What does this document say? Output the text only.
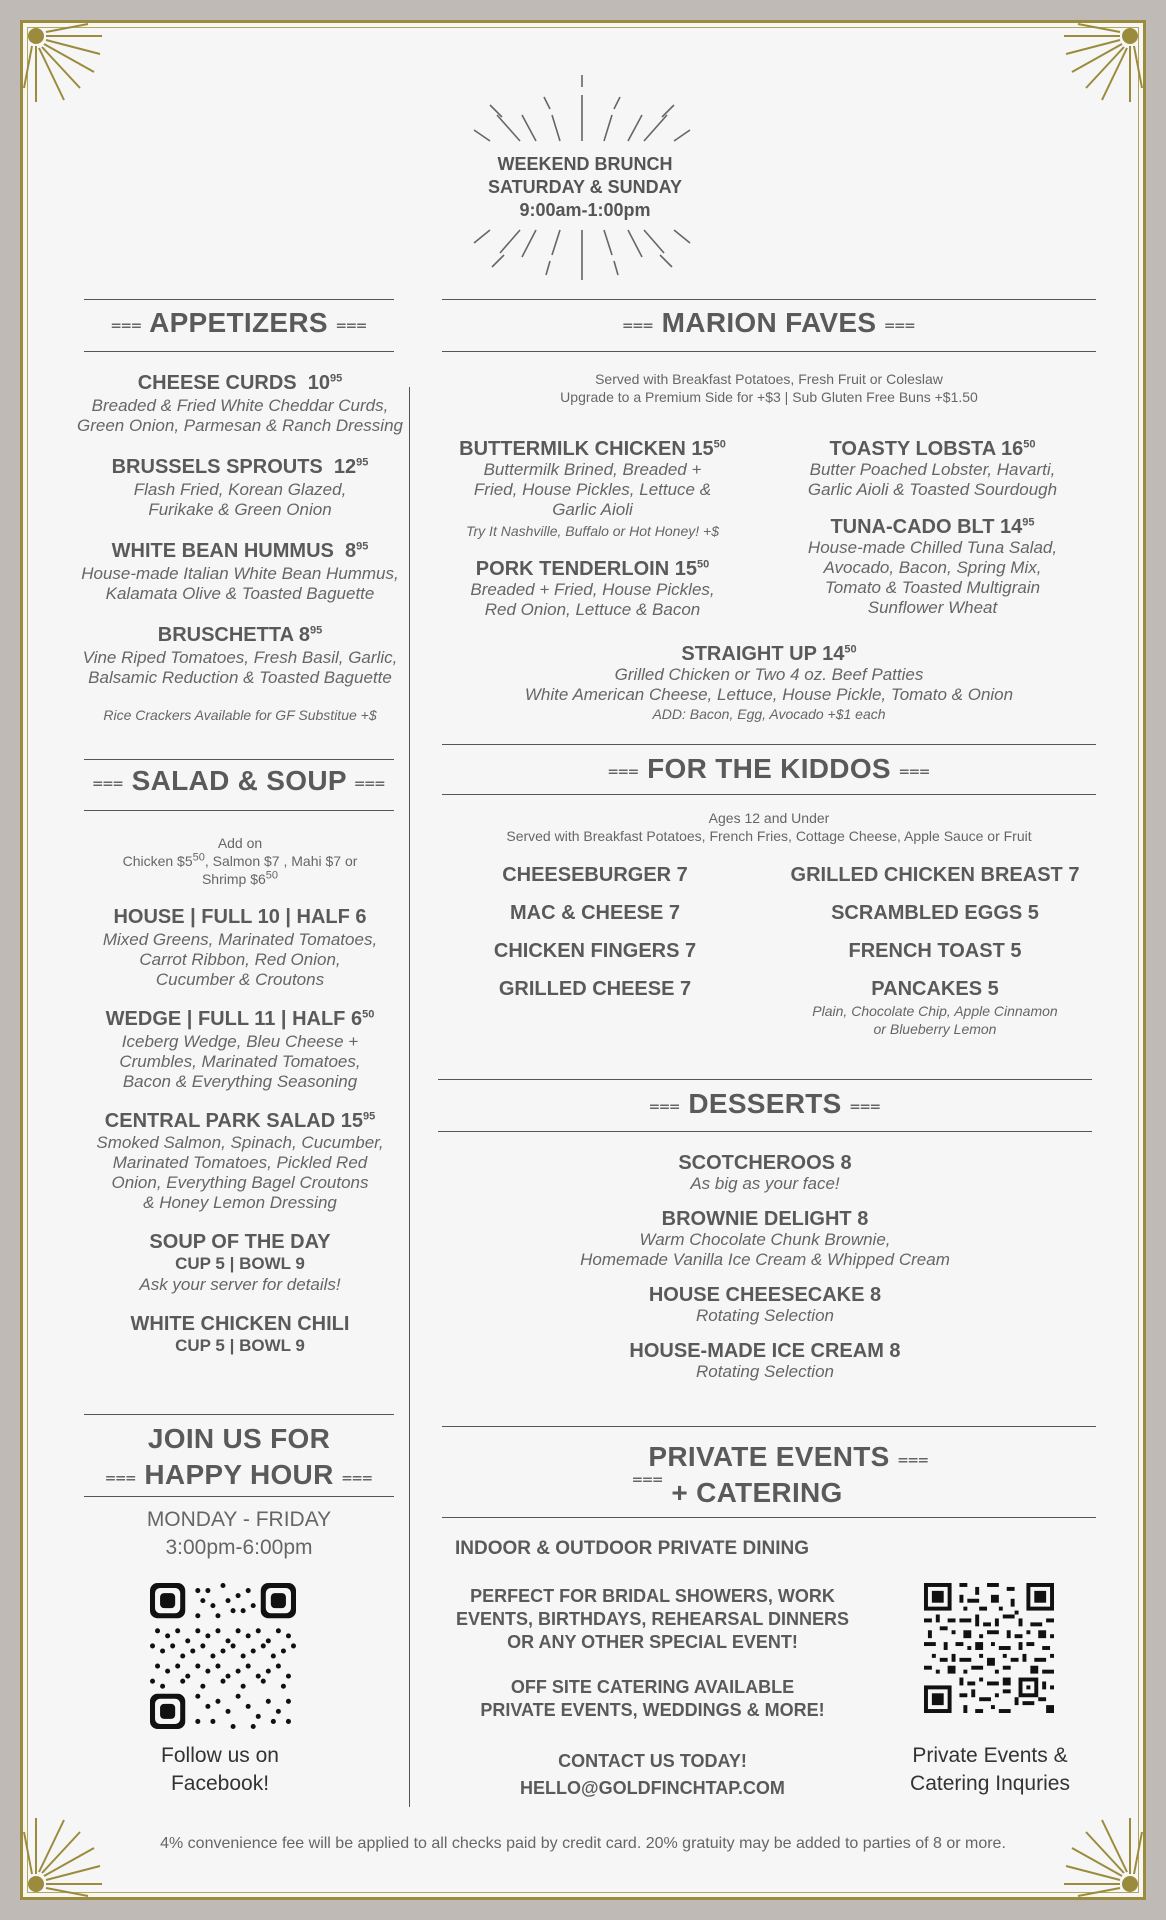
WEEKEND BRUNCH
SATURDAY & SUNDAY
9:00am-1:00pm
⩶ APPETIZERS ⩶
CHEESE CURDS $10^{95}$
Breaded & Fried White Cheddar Curds,
Green Onion, Parmesan & Ranch Dressing
BRUSSELS SPROUTS $12^{95}$
Flash Fried, Korean Glazed,
Furikake & Green Onion
WHITE BEAN HUMMUS $8^{95}$
House-made Italian White Bean Hummus,
Kalamata Olive & Toasted Baguette
BRUSCHETTA $8^{95}$
Vine Riped Tomatoes, Fresh Basil, Garlic,
Balsamic Reduction & Toasted Baguette
Rice Crackers Available for GF Substitue +$
⩶ SALAD & SOUP ⩶
Add on
Chicken $\$5^{50}$, Salmon $7 , Mahi $7 or
Shrimp $\$6^{50}$
HOUSE | FULL 10 | HALF 6
Mixed Greens, Marinated Tomatoes,
Carrot Ribbon, Red Onion,
Cucumber & Croutons
WEDGE | FULL 11 | HALF $6^{50}$
Iceberg Wedge, Bleu Cheese +
Crumbles, Marinated Tomatoes,
Bacon & Everything Seasoning
CENTRAL PARK SALAD $15^{95}$
Smoked Salmon, Spinach, Cucumber,
Marinated Tomatoes, Pickled Red
Onion, Everything Bagel Croutons
& Honey Lemon Dressing
SOUP OF THE DAY
CUP 5 | BOWL 9
Ask your server for details!
WHITE CHICKEN CHILI
CUP 5 | BOWL 9
JOIN US FOR
⩶ HAPPY HOUR ⩶
MONDAY - FRIDAY
3:00pm-6:00pm
Follow us on
Facebook!
⩶ MARION FAVES ⩶
Served with Breakfast Potatoes, Fresh Fruit or Coleslaw
Upgrade to a Premium Side for +$3 | Sub Gluten Free Buns +$1.50
BUTTERMILK CHICKEN $15^{50}$
Buttermilk Brined, Breaded +
Fried, House Pickles, Lettuce &
Garlic Aioli
Try It Nashville, Buffalo or Hot Honey! +$
PORK TENDERLOIN $15^{50}$
Breaded + Fried, House Pickles,
Red Onion, Lettuce & Bacon
TOASTY LOBSTA $16^{50}$
Butter Poached Lobster, Havarti,
Garlic Aioli & Toasted Sourdough
TUNA-CADO BLT $14^{95}$
House-made Chilled Tuna Salad,
Avocado, Bacon, Spring Mix,
Tomato & Toasted Multigrain
Sunflower Wheat
STRAIGHT UP $14^{50}$
Grilled Chicken or Two 4 oz. Beef Patties
White American Cheese, Lettuce, House Pickle, Tomato & Onion
ADD: Bacon, Egg, Avocado +$1 each
⩶ FOR THE KIDDOS ⩶
Ages 12 and Under
Served with Breakfast Potatoes, French Fries, Cottage Cheese, Apple Sauce or Fruit
CHEESEBURGER 7
MAC & CHEESE 7
CHICKEN FINGERS 7
GRILLED CHEESE 7
GRILLED CHICKEN BREAST 7
SCRAMBLED EGGS 5
FRENCH TOAST 5
PANCAKES 5
Plain, Chocolate Chip, Apple Cinnamon
or Blueberry Lemon
⩶ DESSERTS ⩶
SCOTCHEROOS 8
As big as your face!
BROWNIE DELIGHT 8
Warm Chocolate Chunk Brownie,
Homemade Vanilla Ice Cream & Whipped Cream
HOUSE CHEESECAKE 8
Rotating Selection
HOUSE-MADE ICE CREAM 8
Rotating Selection
PRIVATE EVENTS ⩶
⩶ + CATERING
INDOOR & OUTDOOR PRIVATE DINING
PERFECT FOR BRIDAL SHOWERS, WORK
EVENTS, BIRTHDAYS, REHEARSAL DINNERS
OR ANY OTHER SPECIAL EVENT!
OFF SITE CATERING AVAILABLE
PRIVATE EVENTS, WEDDINGS & MORE!
CONTACT US TODAY!
HELLO@GOLDFINCHTAP.COM
Private Events &
Catering Inquries
4% convenience fee will be applied to all checks paid by credit card. 20% gratuity may be added to parties of 8 or more.
